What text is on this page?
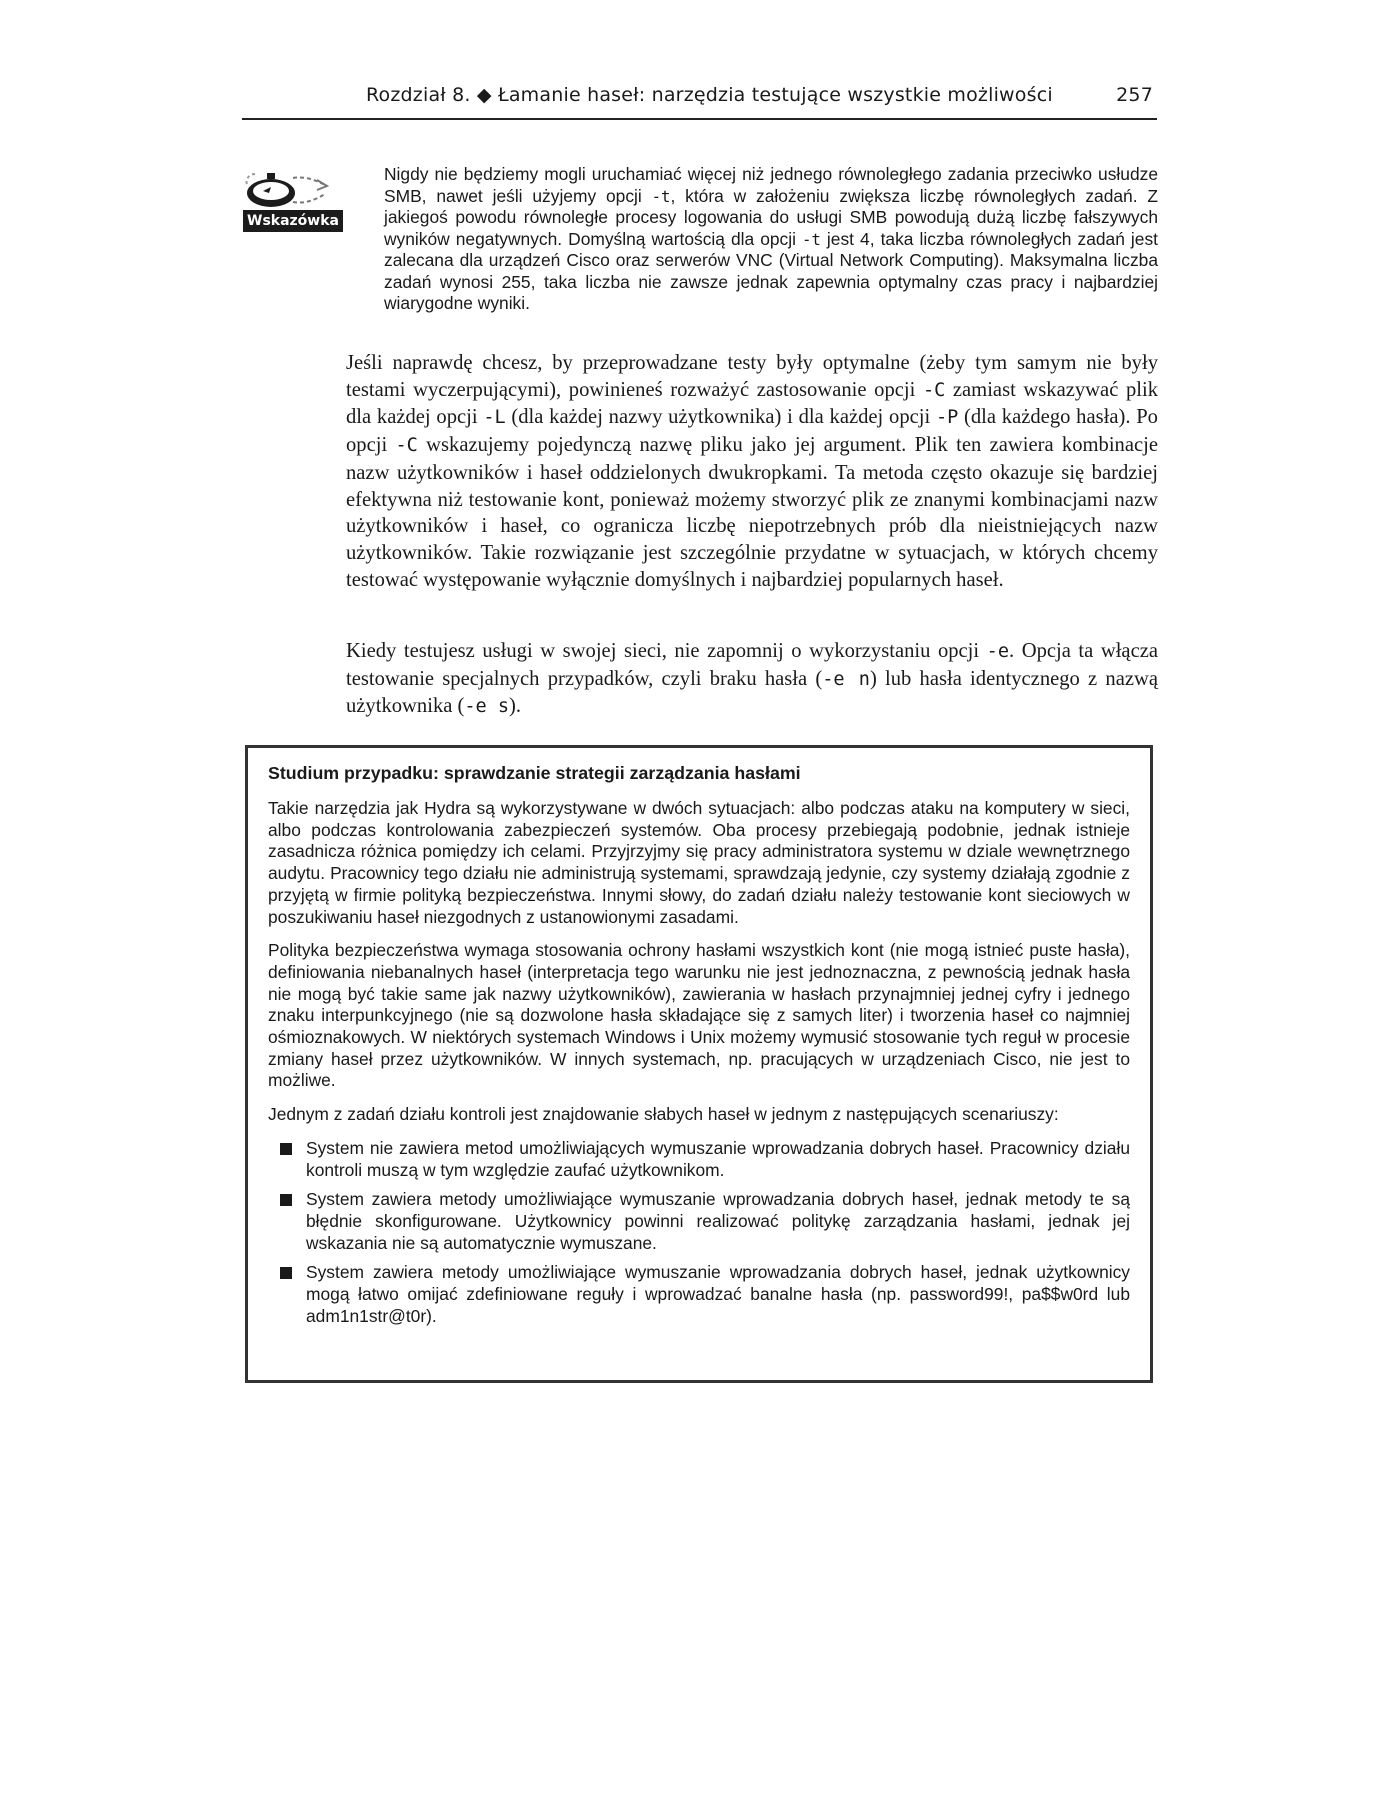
Rozdział 8. ◆ Łamanie haseł: narzędzia testujące wszystkie możliwości	257
Wskazówka

Nigdy nie będziemy mogli uruchamiać więcej niż jednego równoległego zadania przeciwko usłudze SMB, nawet jeśli użyjemy opcji -t, która w założeniu zwiększa liczbę równoległych zadań. Z jakiegoś powodu równoległe procesy logowania do usługi SMB powodują dużą liczbę fałszywych wyników negatywnych. Domyślną wartością dla opcji -t jest 4, taka liczba równoległych zadań jest zalecana dla urządzeń Cisco oraz serwerów VNC (Virtual Network Computing). Maksymalna liczba zadań wynosi 255, taka liczba nie zawsze jednak zapewnia optymalny czas pracy i najbardziej wiarygodne wyniki.

Jeśli naprawdę chcesz, by przeprowadzane testy były optymalne (żeby tym samym nie były testami wyczerpującymi), powinieneś rozważyć zastosowanie opcji -C zamiast wskazywać plik dla każdej opcji -L (dla każdej nazwy użytkownika) i dla każdej opcji -P (dla każdego hasła). Po opcji -C wskazujemy pojedynczą nazwę pliku jako jej argument. Plik ten zawiera kombinacje nazw użytkowników i haseł oddzielonych dwukropkami. Ta metoda często okazuje się bardziej efektywna niż testowanie kont, ponieważ możemy stworzyć plik ze znanymi kombinacjami nazw użytkowników i haseł, co ogranicza liczbę niepotrzebnych prób dla nieistniejących nazw użytkowników. Takie rozwiązanie jest szczególnie przydatne w sytuacjach, w których chcemy testować występowanie wyłącznie domyślnych i najbardziej popularnych haseł.

Kiedy testujesz usługi w swojej sieci, nie zapomnij o wykorzystaniu opcji -e. Opcja ta włącza testowanie specjalnych przypadków, czyli braku hasła (-e n) lub hasła identycznego z nazwą użytkownika (-e s).

Studium przypadku: sprawdzanie strategii zarządzania hasłami

Takie narzędzia jak Hydra są wykorzystywane w dwóch sytuacjach: albo podczas ataku na komputery w sieci, albo podczas kontrolowania zabezpieczeń systemów. Oba procesy przebiegają podobnie, jednak istnieje zasadnicza różnica pomiędzy ich celami. Przyjrzyjmy się pracy administratora systemu w dziale wewnętrznego audytu. Pracownicy tego działu nie administrują systemami, sprawdzają jedynie, czy systemy działają zgodnie z przyjętą w firmie polityką bezpieczeństwa. Innymi słowy, do zadań działu należy testowanie kont sieciowych w poszukiwaniu haseł niezgodnych z ustanowionymi zasadami.

Polityka bezpieczeństwa wymaga stosowania ochrony hasłami wszystkich kont (nie mogą istnieć puste hasła), definiowania niebanalnych haseł (interpretacja tego warunku nie jest jednoznaczna, z pewnością jednak hasła nie mogą być takie same jak nazwy użytkowników), zawierania w hasłach przynajmniej jednej cyfry i jednego znaku interpunkcyjnego (nie są dozwolone hasła składające się z samych liter) i tworzenia haseł co najmniej ośmioznakowych. W niektórych systemach Windows i Unix możemy wymusić stosowanie tych reguł w procesie zmiany haseł przez użytkowników. W innych systemach, np. pracujących w urządzeniach Cisco, nie jest to możliwe.

Jednym z zadań działu kontroli jest znajdowanie słabych haseł w jednym z następujących scenariuszy:

System nie zawiera metod umożliwiających wymuszanie wprowadzania dobrych haseł. Pracownicy działu kontroli muszą w tym względzie zaufać użytkownikom.
System zawiera metody umożliwiające wymuszanie wprowadzania dobrych haseł, jednak metody te są błędnie skonfigurowane. Użytkownicy powinni realizować politykę zarządzania hasłami, jednak jej wskazania nie są automatycznie wymuszane.
System zawiera metody umożliwiające wymuszanie wprowadzania dobrych haseł, jednak użytkownicy mogą łatwo omijać zdefiniowane reguły i wprowadzać banalne hasła (np. password99!, pa$$w0rd lub adm1n1str@t0r).
